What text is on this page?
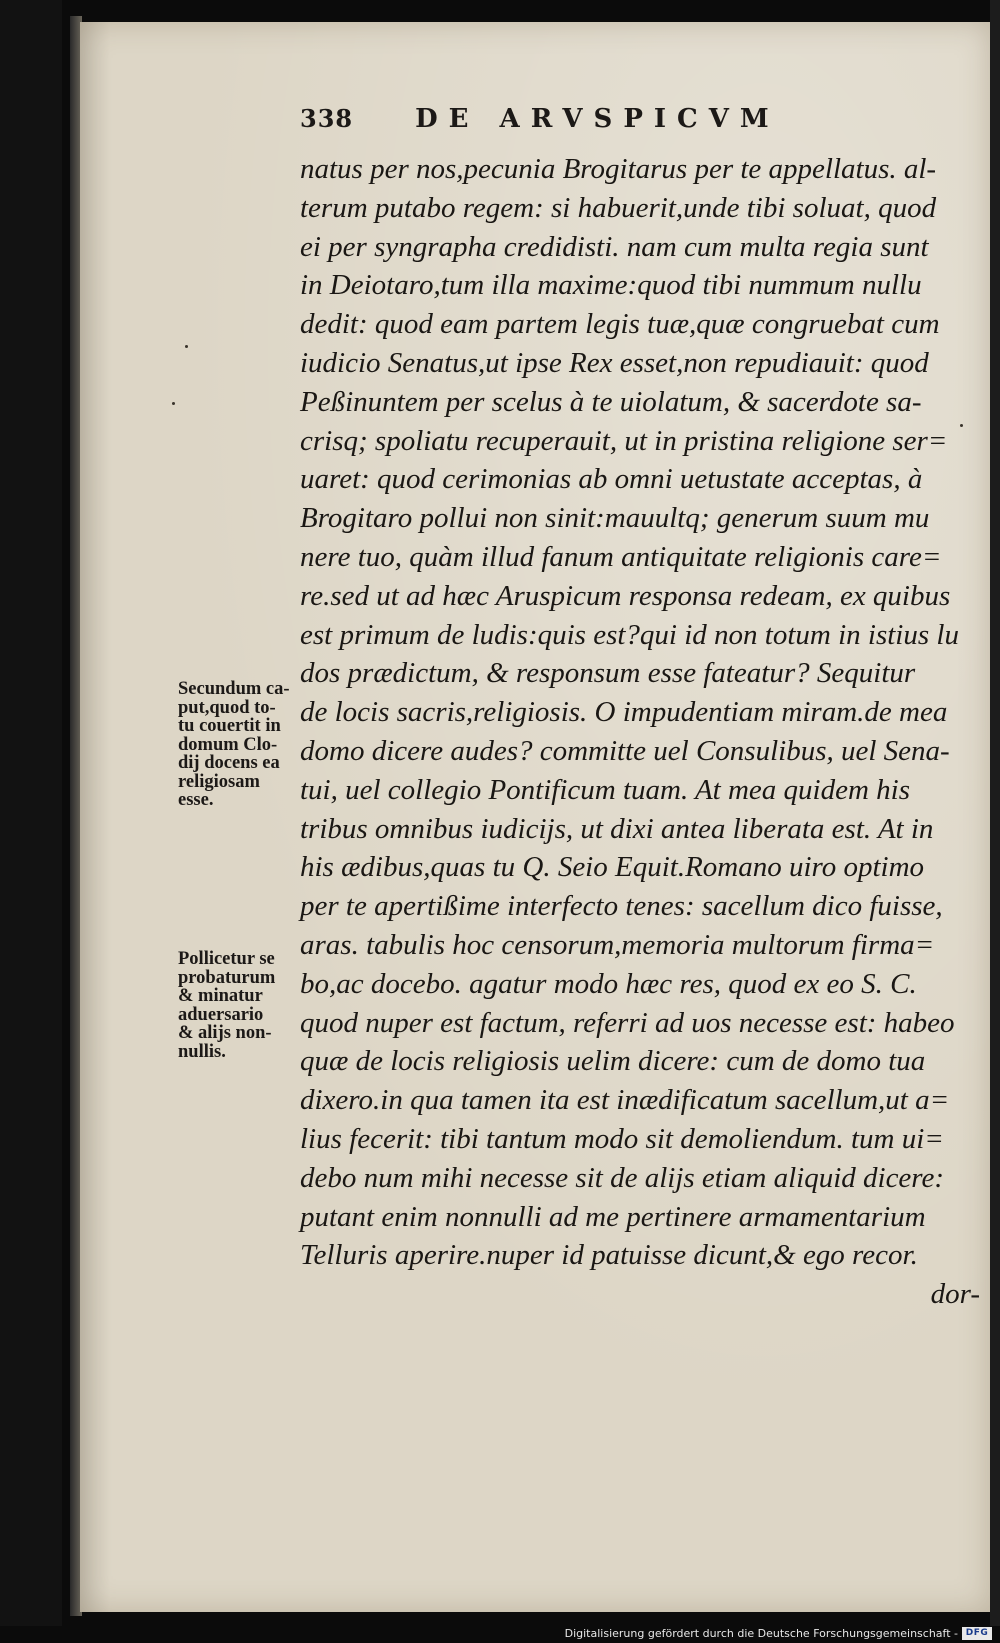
338 DE ARVSPICVM
natus per nos,pecunia Brogitarus per te appellatus. al-
terum putabo regem: si habuerit,unde tibi soluat, quod
ei per syngrapha credidisti. nam cum multa regia sunt
in Deiotaro,tum illa maxime:quod tibi nummum nullu
dedit: quod eam partem legis tuæ,quæ congruebat cum
iudicio Senatus,ut ipse Rex esset,non repudiauit: quod
Peßinuntem per scelus à te uiolatum, & sacerdote sa-
crisq; spoliatu recuperauit, ut in pristina religione ser=
uaret: quod cerimonias ab omni uetustate acceptas, à
Brogitaro pollui non sinit:mauultq; generum suum mu
nere tuo, quàm illud fanum antiquitate religionis care=
re.sed ut ad hæc Aruspicum responsa redeam, ex quibus
est primum de ludis:quis est?qui id non totum in istius lu
dos prædictum, & responsum esse fateatur? Sequitur
de locis sacris,religiosis. O impudentiam miram.de mea
domo dicere audes? committe uel Consulibus, uel Sena-
tui, uel collegio Pontificum tuam. At mea quidem his
tribus omnibus iudicijs, ut dixi antea liberata est. At in
his ædibus,quas tu Q. Seio Equit.Romano uiro optimo
per te apertißime interfecto tenes: sacellum dico fuisse,
aras. tabulis hoc censorum,memoria multorum firma=
bo,ac docebo. agatur modo hæc res, quod ex eo S. C.
quod nuper est factum, referri ad uos necesse est: habeo
quæ de locis religiosis uelim dicere: cum de domo tua
dixero.in qua tamen ita est inædificatum sacellum,ut a=
lius fecerit: tibi tantum modo sit demoliendum. tum ui=
debo num mihi necesse sit de alijs etiam aliquid dicere:
putant enim nonnulli ad me pertinere armamentarium
Telluris aperire.nuper id patuisse dicunt,& ego recor.
dor-
Secundum ca-
put,quod to-
tu couertit in
domum Clo-
dij docens ea
religiosam
esse.
Pollicetur se
probaturum
& minatur
aduersario
& alijs non-
nullis.
Digitalisierung gefördert durch die Deutsche Forschungsgemeinschaft - DFG
